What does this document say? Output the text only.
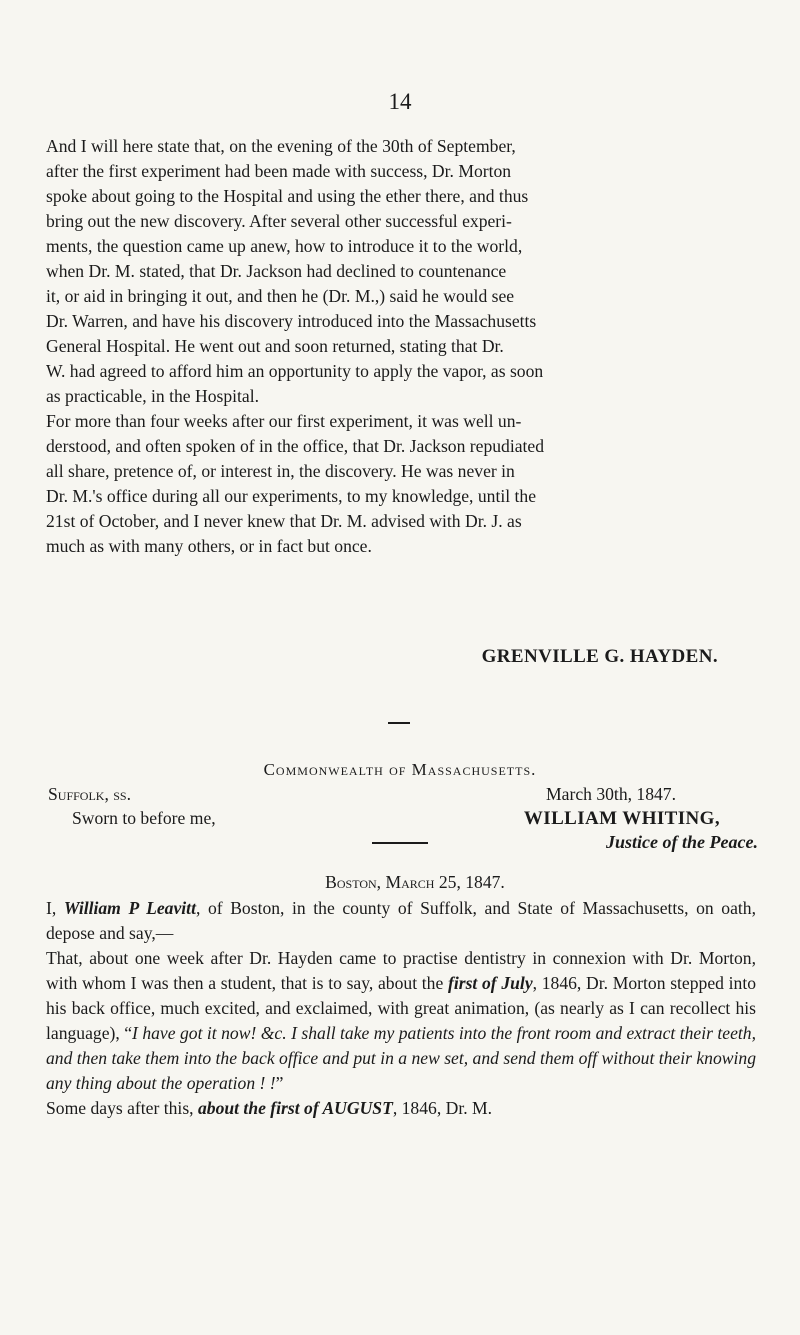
14
And I will here state that, on the evening of the 30th of September,
after the first experiment had been made with success, Dr. Morton
spoke about going to the Hospital and using the ether there, and thus
bring out the new discovery. After several other successful experi-
ments, the question came up anew, how to introduce it to the world,
when Dr. M. stated, that Dr. Jackson had declined to countenance
it, or aid in bringing it out, and then he (Dr. M.,) said he would see
Dr. Warren, and have his discovery introduced into the Massachusetts
General Hospital. He went out and soon returned, stating that Dr.
W. had agreed to afford him an opportunity to apply the vapor, as soon
as practicable, in the Hospital.
For more than four weeks after our first experiment, it was well un-
derstood, and often spoken of in the office, that Dr. Jackson repudiated
all share, pretence of, or interest in, the discovery. He was never in
Dr. M.'s office during all our experiments, to my knowledge, until the
21st of October, and I never knew that Dr. M. advised with Dr. J. as
much as with many others, or in fact but once.
GRENVILLE G. HAYDEN.
Commonwealth of Massachusetts.
Suffolk, ss.	March 30th, 1847.
Sworn to before me,	WILLIAM WHITING,
Justice of the Peace.
Boston, March 25, 1847.

I, William P Leavitt, of Boston, in the county of Suffolk, and State of Massachusetts, on oath, depose and say,—

That, about one week after Dr. Hayden came to practise dentistry in connexion with Dr. Morton, with whom I was then a student, that is to say, about the first of July, 1846, Dr. Morton stepped into his back office, much excited, and exclaimed, with great animation, (as nearly as I can recollect his language), “I have got it now! &c. I shall take my patients into the front room and extract their teeth, and then take them into the back office and put in a new set, and send them off without their knowing any thing about the operation ! !”

Some days after this, about the first of AUGUST, 1846, Dr. M.
